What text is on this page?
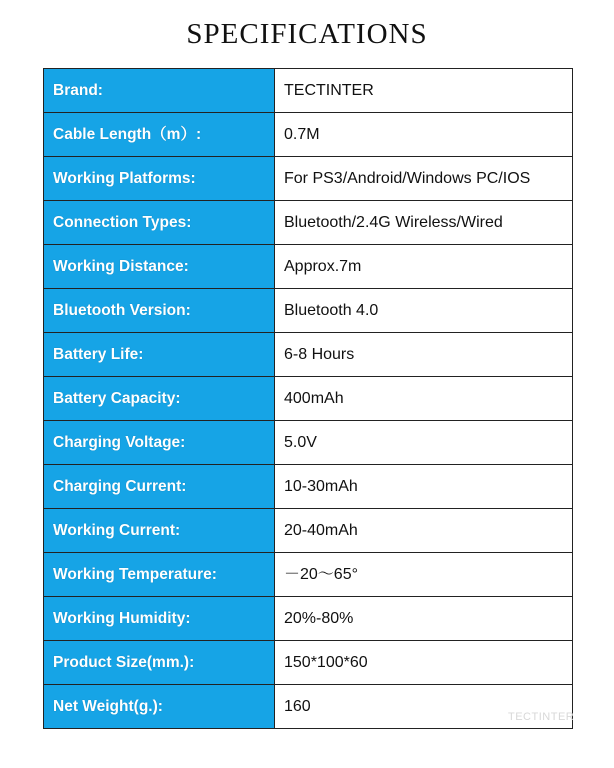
SPECIFICATIONS
Brand:	TECTINTER
Cable Length（m）:	0.7M
Working Platforms:	For PS3/Android/Windows PC/IOS
Connection Types:	Bluetooth/2.4G Wireless/Wired
Working Distance:	Approx.7m
Bluetooth Version:	Bluetooth 4.0
Battery Life:	6-8 Hours
Battery Capacity:	400mAh
Charging Voltage:	5.0V
Charging Current:	10-30mAh
Working Current:	20-40mAh
Working Temperature:	－20～65°
Working Humidity:	20%-80%
Product Size(mm.):	150*100*60
Net Weight(g.):	160
TECTINTER
